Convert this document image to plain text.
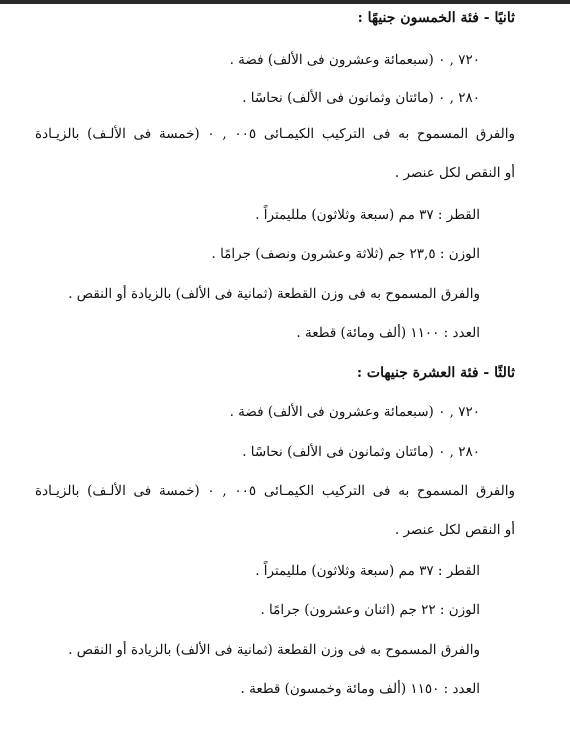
ثانيًا - فئة الخمسون جنيهًا :
٧٢٠ , ٠ (سبعمائة وعشرون فى الألف) فضة .
٢٨٠ , ٠ (مائتان وثمانون فى الألف) نحاسًا .
والفرق المسموح به فى التركيب الكيمـائى ٠٠٥ , ٠ (خمسة فى الألـف) بالزيـادة
أو النقص لكل عنصر .
القطر : ٣٧ مم (سبعة وثلاثون) ملليمتراً .
الوزن : ٢٣,٥ جم (ثلاثة وعشرون ونصف) جرامًا .
والفرق المسموح به فى وزن القطعة (ثمانية فى الألف) بالزيادة أو النقص .
العدد : ١١٠٠ (ألف ومائة) قطعة .
ثالثًا - فئة العشرة جنيهات :
٧٢٠ , ٠ (سبعمائة وعشرون فى الألف) فضة .
٢٨٠ , ٠ (مائتان وثمانون فى الألف) نحاسًا .
والفرق المسموح به فى التركيب الكيمـائى ٠٠٥ , ٠ (خمسة فى الألـف) بالزيـادة
أو النقص لكل عنصر .
القطر : ٣٧ مم (سبعة وثلاثون) ملليمتراً .
الوزن : ٢٢ جم (اثنان وعشرون) جرامًا .
والفرق المسموح به فى وزن القطعة (ثمانية فى الألف) بالزيادة أو النقص .
العدد : ١١٥٠ (ألف ومائة وخمسون) قطعة .
